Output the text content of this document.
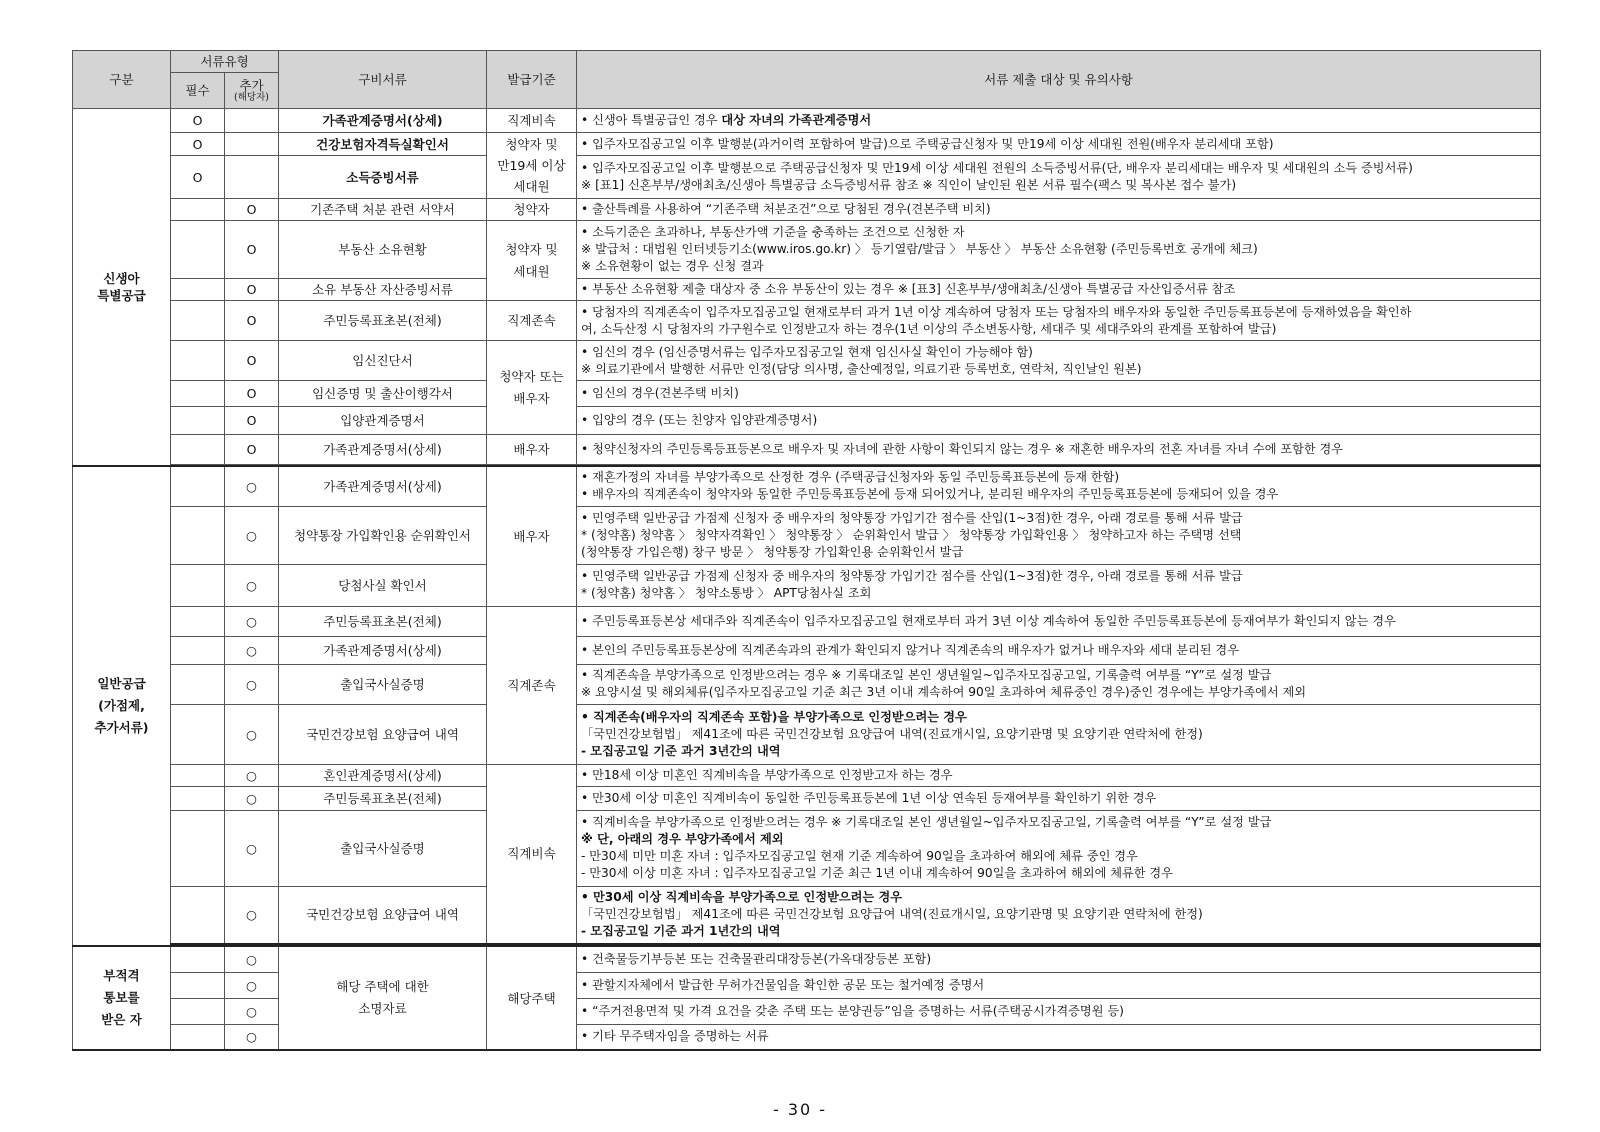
구분	서류유형		구비서류	발급기준	서류 제출 대상 및 유의사항
	필수	추가
(해당자)			

신생아
특별공급	O		가족관계증명서(상세)	직계비속	• 신생아 특별공급인 경우 대상 자녀의 가족관계증명서
	O		건강보험자격득실확인서	청약자 및
만19세 이상
세대원	• 입주자모집공고일 이후 발행분(과거이력 포함하여 발급)으로 주택공급신청자 및 만19세 이상 세대원 전원(배우자 분리세대 포함)
	O		소득증빙서류		• 입주자모집공고일 이후 발행분으로 주택공급신청자 및 만19세 이상 세대원 전원의 소득증빙서류(단, 배우자 분리세대는 배우자 및 세대원의 소득 증빙서류)
※ [표1] 신혼부부/생애최초/신생아 특별공급 소득증빙서류 참조 ※ 직인이 날인된 원본 서류 필수(팩스 및 복사본 접수 불가)
		O	기존주택 처분 관련 서약서	청약자	• 출산특례를 사용하여 “기존주택 처분조건”으로 당첨된 경우(견본주택 비치)
		O	부동산 소유현황	청약자 및
세대원	• 소득기준은 초과하나, 부동산가액 기준을 충족하는 조건으로 신청한 자
※ 발급처 : 대법원 인터넷등기소(www.iros.go.kr) 〉 등기열람/발급 〉 부동산 〉 부동산 소유현황 (주민등록번호 공개에 체크)
※ 소유현황이 없는 경우 신청 결과
		O	소유 부동산 자산증빙서류		• 부동산 소유현황 제출 대상자 중 소유 부동산이 있는 경우 ※ [표3] 신혼부부/생애최초/신생아 특별공급 자산입증서류 참조
		O	주민등록표초본(전체)	직계존속	• 당첨자의 직계존속이 입주자모집공고일 현재로부터 과거 1년 이상 계속하여 당첨자 또는 당첨자의 배우자와 동일한 주민등록표등본에 등재하였음을 확인하
여, 소득산정 시 당첨자의 가구원수로 인정받고자 하는 경우(1년 이상의 주소변동사항, 세대주 및 세대주와의 관계를 포함하여 발급)
		O	임신진단서	청약자 또는
배우자	• 임신의 경우 (임신증명서류는 입주자모집공고일 현재 임신사실 확인이 가능해야 함)
※ 의료기관에서 발행한 서류만 인정(담당 의사명, 출산예정일, 의료기관 등록번호, 연락처, 직인날인 원본)
		O	임신증명 및 출산이행각서		• 임신의 경우(견본주택 비치)
		O	입양관계증명서		• 입양의 경우 (또는 친양자 입양관계증명서)
		O	가족관계증명서(상세)	배우자	• 청약신청자의 주민등록등표등본으로 배우자 및 자녀에 관한 사항이 확인되지 않는 경우 ※ 재혼한 배우자의 전혼 자녀를 자녀 수에 포함한 경우

일반공급
(가점제,
추가서류)		○	가족관계증명서(상세)	배우자	• 재혼가정의 자녀를 부양가족으로 산정한 경우 (주택공급신청자와 동일 주민등록표등본에 등재 한함)
• 배우자의 직계존속이 청약자와 동일한 주민등록표등본에 등재 되어있거나, 분리된 배우자의 주민등록표등본에 등재되어 있을 경우
		○	청약통장 가입확인용 순위확인서		• 민영주택 일반공급 가점제 신청자 중 배우자의 청약통장 가입기간 점수를 산입(1~3점)한 경우, 아래 경로를 통해 서류 발급
* (청약홈) 청약홈 〉 청약자격확인 〉 청약통장 〉 순위확인서 발급 〉 청약통장 가입확인용 〉 청약하고자 하는 주택명 선택
(청약통장 가입은행) 창구 방문 〉 청약통장 가입확인용 순위확인서 발급
		○	당첨사실 확인서		• 민영주택 일반공급 가점제 신청자 중 배우자의 청약통장 가입기간 점수를 산입(1~3점)한 경우, 아래 경로를 통해 서류 발급
* (청약홈) 청약홈 〉 청약소통방 〉 APT당첨사실 조회
		○	주민등록표초본(전체)	직계존속	• 주민등록표등본상 세대주와 직계존속이 입주자모집공고일 현재로부터 과거 3년 이상 계속하여 동일한 주민등록표등본에 등재여부가 확인되지 않는 경우
		○	가족관계증명서(상세)		• 본인의 주민등록표등본상에 직계존속과의 관계가 확인되지 않거나 직계존속의 배우자가 없거나 배우자와 세대 분리된 경우
		○	출입국사실증명		• 직계존속을 부양가족으로 인정받으려는 경우 ※ 기록대조일 본인 생년월일~입주자모집공고일, 기록출력 여부를 “Y”로 설정 발급
※ 요양시설 및 해외체류(입주자모집공고일 기준 최근 3년 이내 계속하여 90일 초과하여 체류중인 경우)중인 경우에는 부양가족에서 제외
		○	국민건강보험 요양급여 내역		• 직계존속(배우자의 직계존속 포함)을 부양가족으로 인정받으려는 경우
「국민건강보험법」 제41조에 따른 국민건강보험 요양급여 내역(진료개시일, 요양기관명 및 요양기관 연락처에 한정)
- 모집공고일 기준 과거 3년간의 내역

		○	혼인관계증명서(상세)	직계비속	• 만18세 이상 미혼인 직계비속을 부양가족으로 인정받고자 하는 경우
		○	주민등록표초본(전체)		• 만30세 이상 미혼인 직계비속이 동일한 주민등록표등본에 1년 이상 연속된 등재여부를 확인하기 위한 경우
		○	출입국사실증명		• 직계비속을 부양가족으로 인정받으려는 경우 ※ 기록대조일 본인 생년월일~입주자모집공고일, 기록출력 여부를 “Y”로 설정 발급
※ 단, 아래의 경우 부양가족에서 제외
- 만30세 미만 미혼 자녀 : 입주자모집공고일 현재 기준 계속하여 90일을 초과하여 해외에 체류 중인 경우
- 만30세 이상 미혼 자녀 : 입주자모집공고일 기준 최근 1년 이내 계속하여 90일을 초과하여 해외에 체류한 경우

		○	국민건강보험 요양급여 내역		• 만30세 이상 직계비속을 부양가족으로 인정받으려는 경우
「국민건강보험법」 제41조에 따른 국민건강보험 요양급여 내역(진료개시일, 요양기관명 및 요양기관 연락처에 한정)
- 모집공고일 기준 과거 1년간의 내역

부적격
통보를
받은 자		○	해당 주택에 대한
소명자료	해당주택	• 건축물등기부등본 또는 건축물관리대장등본(가옥대장등본 포함)
		○			• 관할지자체에서 발급한 무허가건물임을 확인한 공문 또는 철거예정 증명서
		○			• “주거전용면적 및 가격 요건을 갖춘 주택 또는 분양권등”임을 증명하는 서류(주택공시가격증명원 등)
		○			• 기타 무주택자임을 증명하는 서류
- 30 -
